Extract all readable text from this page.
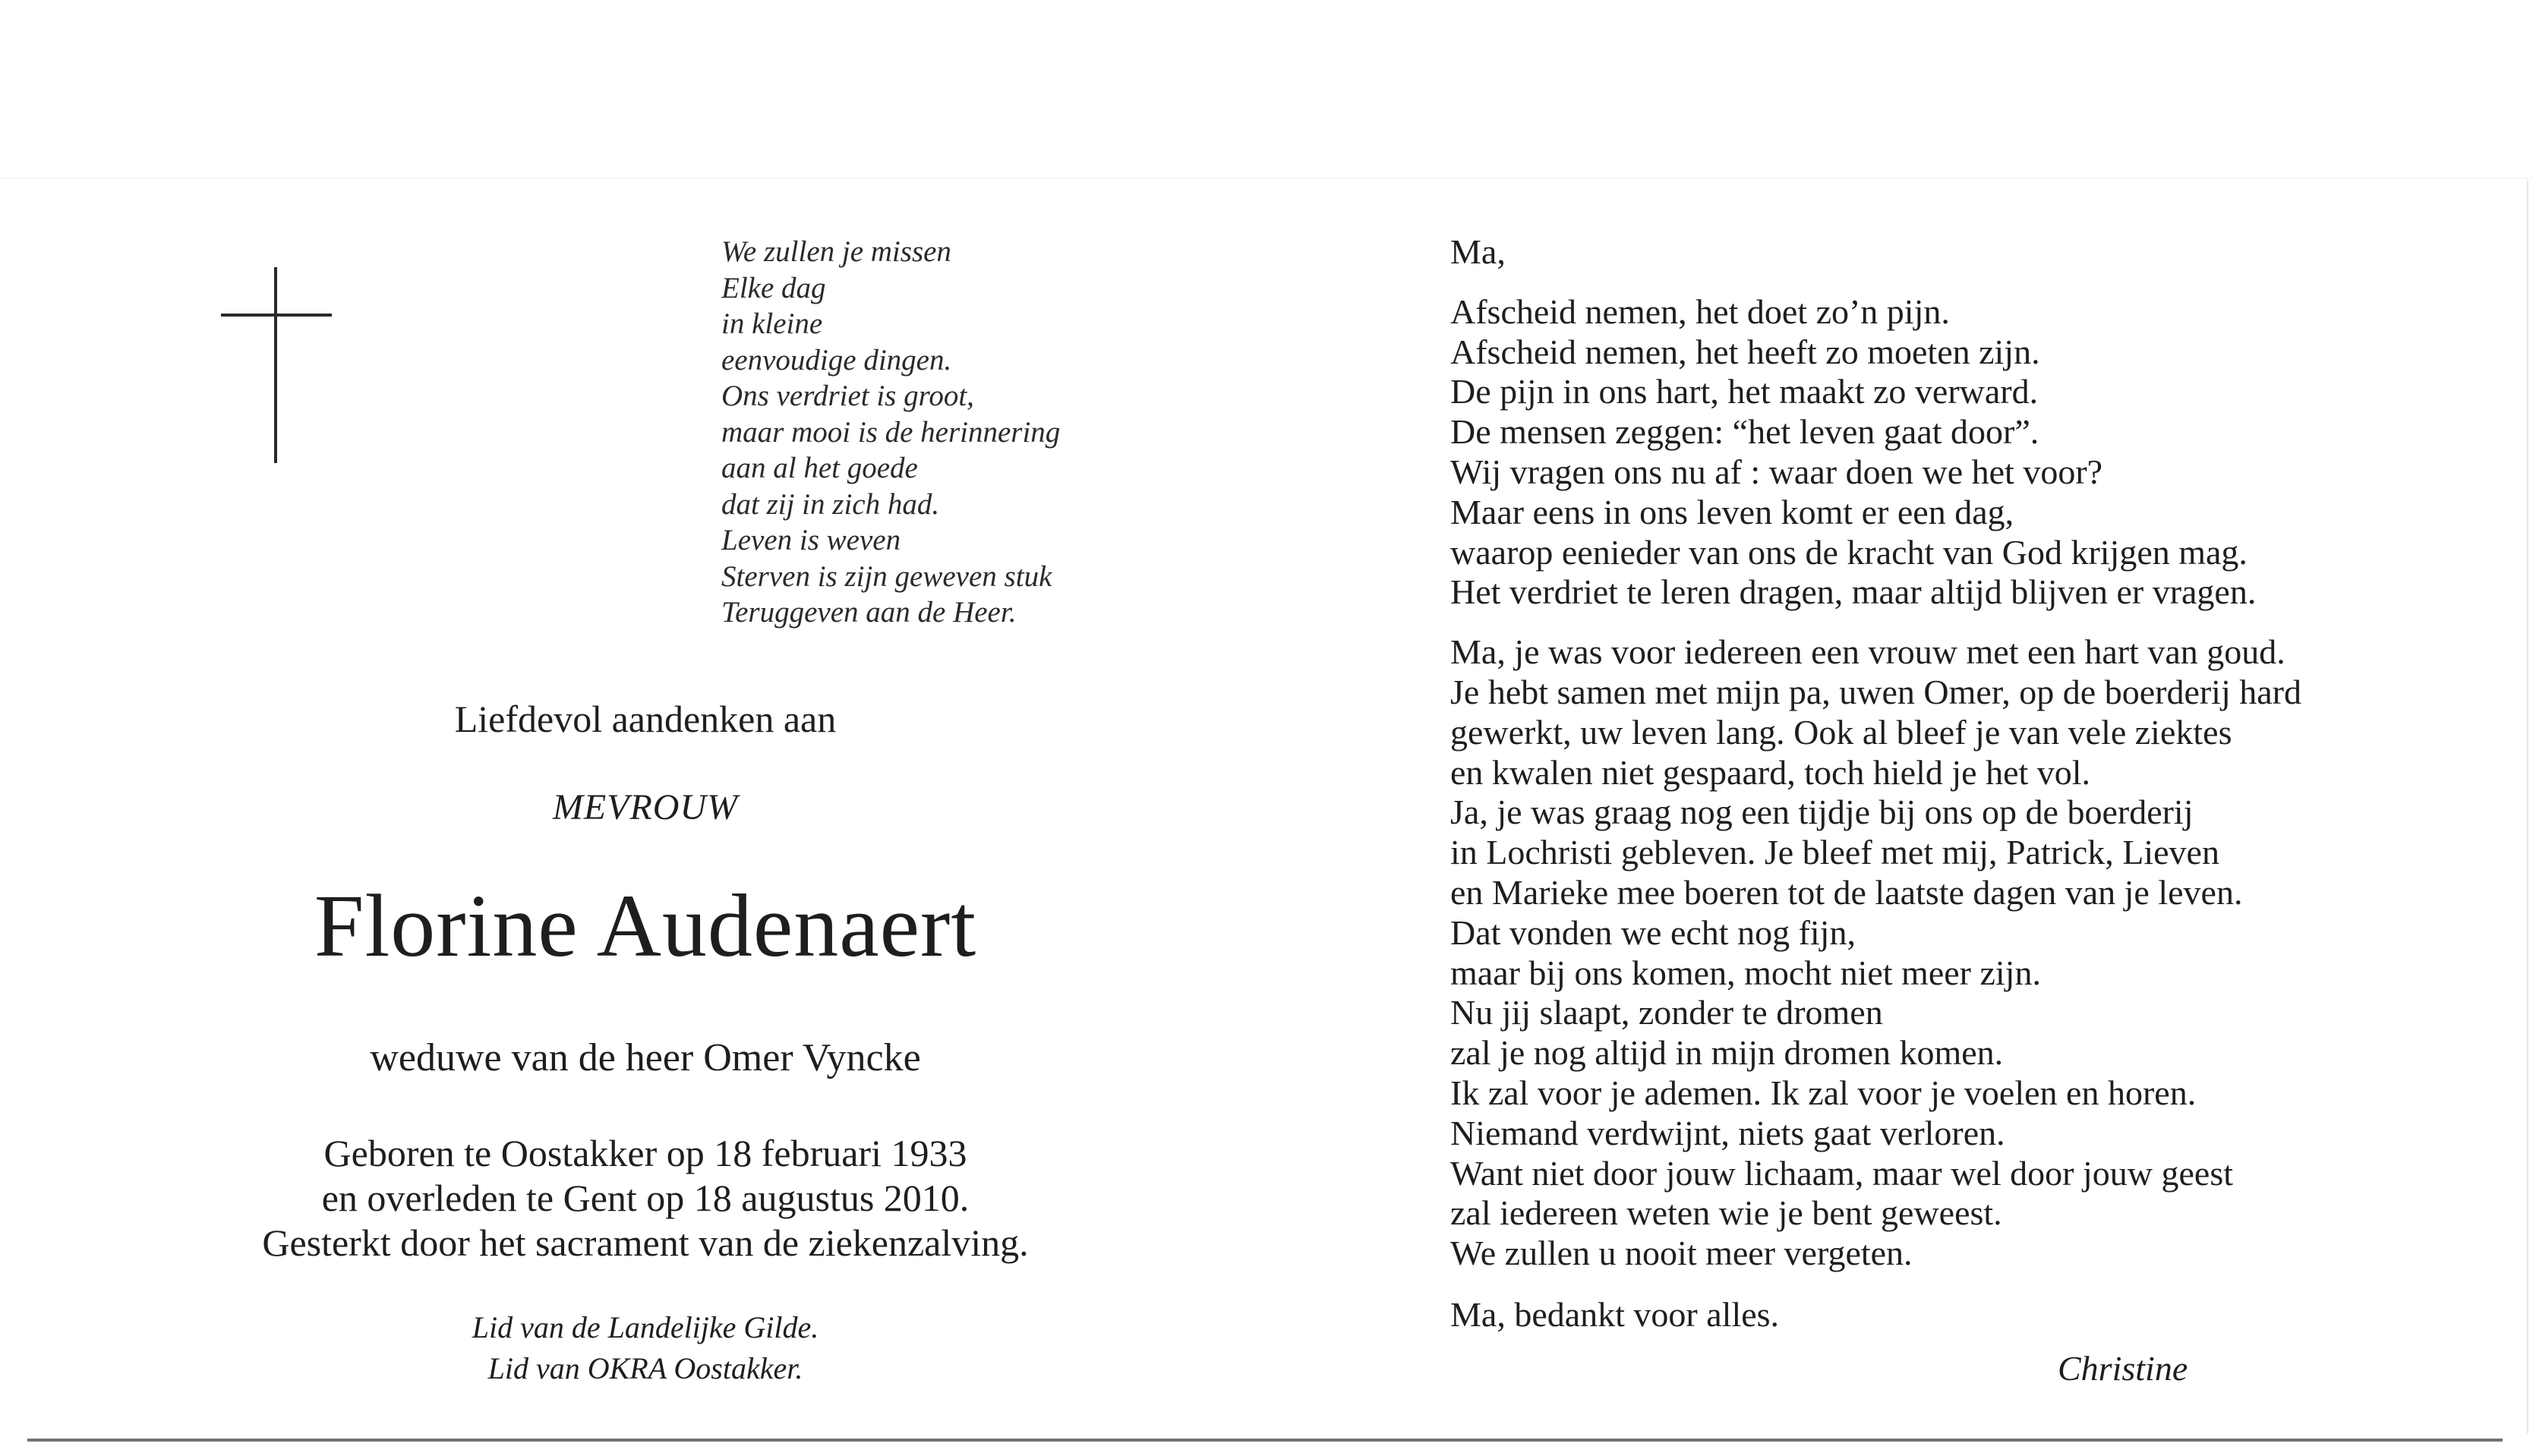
We zullen je missen
Elke dag
in kleine
eenvoudige dingen.
Ons verdriet is groot,
maar mooi is de herinnering
aan al het goede
dat zij in zich had.
Leven is weven
Sterven is zijn geweven stuk
Teruggeven aan de Heer.
Liefdevol aandenken aan
MEVROUW
Florine Audenaert
weduwe van de heer Omer Vyncke
Geboren te Oostakker op 18 februari 1933
en overleden te Gent op 18 augustus 2010.
Gesterkt door het sacrament van de ziekenzalving.
Lid van de Landelijke Gilde.
Lid van OKRA Oostakker.
Ma,
Afscheid nemen, het doet zo’n pijn.
Afscheid nemen, het heeft zo moeten zijn.
De pijn in ons hart, het maakt zo verward.
De mensen zeggen: “het leven gaat door”.
Wij vragen ons nu af : waar doen we het voor?
Maar eens in ons leven komt er een dag,
waarop eenieder van ons de kracht van God krijgen mag.
Het verdriet te leren dragen, maar altijd blijven er vragen.
Ma, je was voor iedereen een vrouw met een hart van goud.
Je hebt samen met mijn pa, uwen Omer, op de boerderij hard
gewerkt, uw leven lang. Ook al bleef je van vele ziektes
en kwalen niet gespaard, toch hield je het vol.
Ja, je was graag nog een tijdje bij ons op de boerderij
in Lochristi gebleven. Je bleef met mij, Patrick, Lieven
en Marieke mee boeren tot de laatste dagen van je leven.
Dat vonden we echt nog fijn,
maar bij ons komen, mocht niet meer zijn.
Nu jij slaapt, zonder te dromen
zal je nog altijd in mijn dromen komen.
Ik zal voor je ademen. Ik zal voor je voelen en horen.
Niemand verdwijnt, niets gaat verloren.
Want niet door jouw lichaam, maar wel door jouw geest
zal iedereen weten wie je bent geweest.
We zullen u nooit meer vergeten.
Ma, bedankt voor alles.
Christine
